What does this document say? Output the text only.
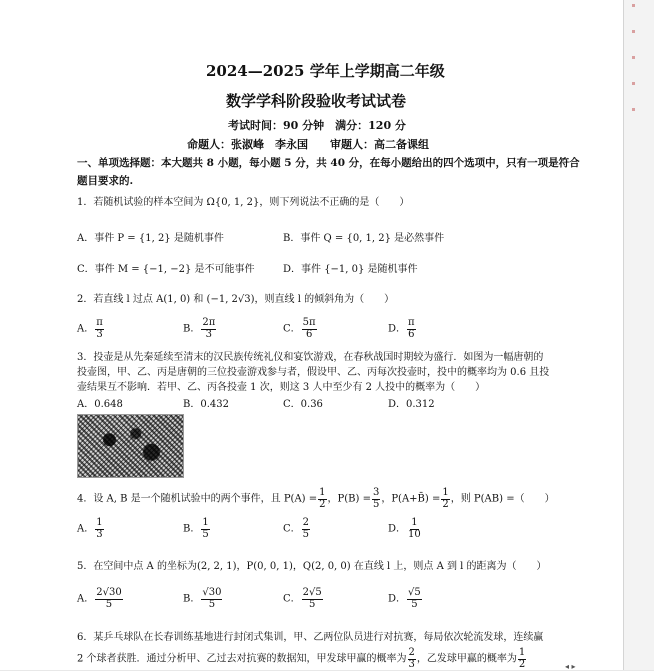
2024—2025 学年上学期高二年级
数学学科阶段验收考试试卷
考试时间：90 分钟　满分：120 分
命题人：张淑峰　李永国　　审题人：高二备课组
一、单项选择题：本大题共 8 小题，每小题 5 分，共 40 分，在每小题给出的四个选项中，只有一项是符合
题目要求的.
1．若随机试验的样本空间为 Ω{0, 1, 2}，则下列说法不正确的是（　　）
A．事件 P = {1, 2} 是随机事件	B．事件 Q = {0, 1, 2} 是必然事件
C．事件 M = {−1, −2} 是不可能事件	D．事件 {−1, 0} 是随机事件
2．若直线 l 过点 A(1, 0) 和 (−1, 2√3)，则直线 l 的倾斜角为（　　）
A． $\frac{\pi}{3}$	B． $\frac{2\pi}{3}$	C． $\frac{5\pi}{6}$	D． $\frac{\pi}{6}$
3．投壶是从先秦延续至清末的汉民族传统礼仪和宴饮游戏，在春秋战国时期较为盛行．如图为一幅唐朝的
投壶图，甲、乙、丙是唐朝的三位投壶游戏参与者，假设甲、乙、丙每次投壶时，投中的概率均为 0.6 且投
壶结果互不影响．若甲、乙、丙各投壶 1 次，则这 3 人中至少有 2 人投中的概率为（　　）
A．0.648	B．0.432	C．0.36	D．0.312
4．设 A, B 是一个随机试验中的两个事件，且 $P(A) = \frac{1}{2}$ ，$P(B) = \frac{3}{5}$ ，P(A+B̄) = $\frac{1}{2}$ ，则 P(AB) =（　　）
A． $\frac{1}{3}$	B． $\frac{1}{5}$	C． $\frac{2}{5}$	D． $\frac{1}{10}$
5．在空间中点 A 的坐标为(2, 2, 1)，P(0, 0, 1)，Q(2, 0, 0) 在直线 l 上，则点 A 到 l 的距离为（　　）
A． $\frac{2√30}{5}$	B． $\frac{√30}{5}$	C． $\frac{2√5}{5}$	D． $\frac{√5}{5}$
6．某乒乓球队在长春训练基地进行封闭式集训，甲、乙两位队员进行对抗赛，每局依次轮流发球，连续赢
2 个球者获胜．通过分析甲、乙过去对抗赛的数据知，甲发球甲赢的概率为 $\frac{2}{3}$ ，乙发球甲赢的概率为 $\frac{1}{2}$	◂ ▸
